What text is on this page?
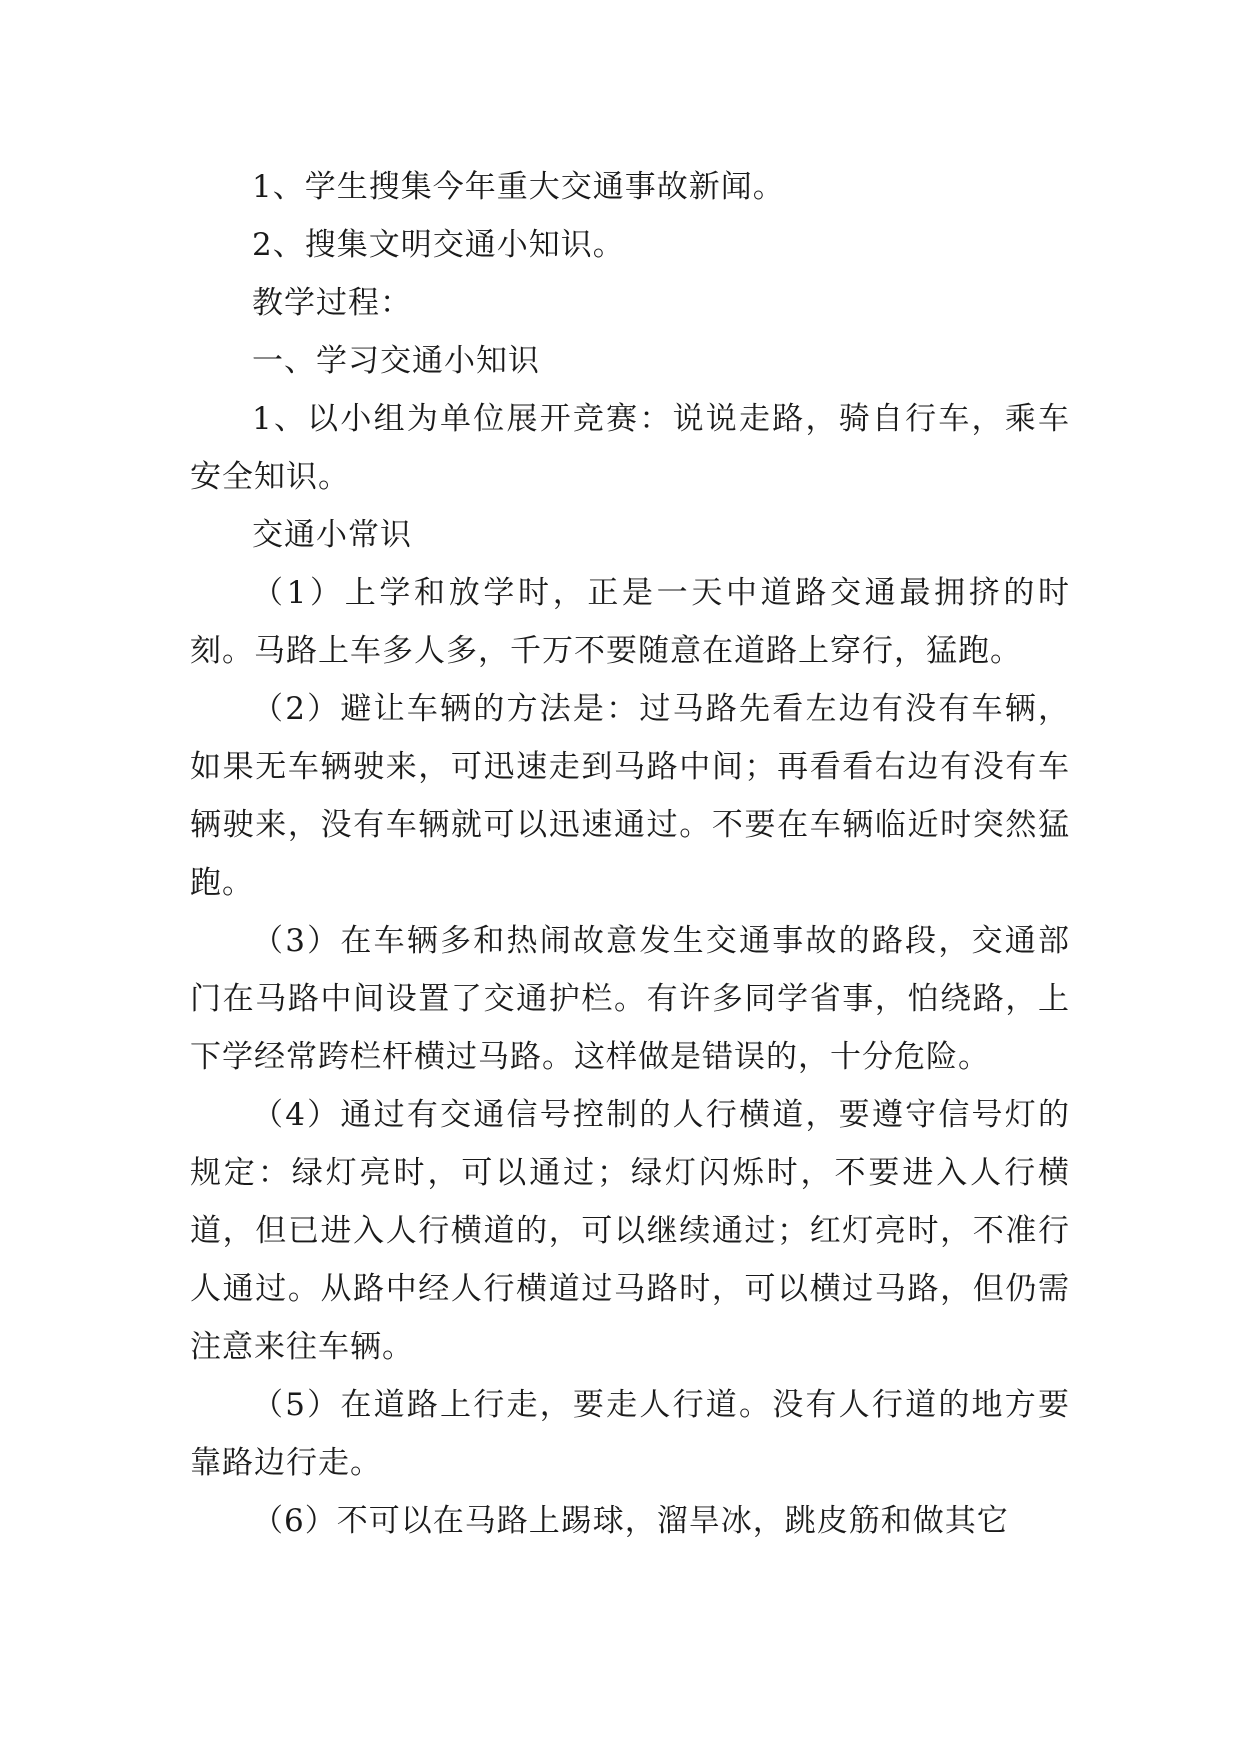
1、学生搜集今年重大交通事故新闻。

2、搜集文明交通小知识。

教学过程：

一、学习交通小知识

1、以小组为单位展开竞赛：说说走路，骑自行车，乘车安全知识。

交通小常识

（1）上学和放学时，正是一天中道路交通最拥挤的时刻。马路上车多人多，千万不要随意在道路上穿行，猛跑。

（2）避让车辆的方法是：过马路先看左边有没有车辆，如果无车辆驶来，可迅速走到马路中间；再看看右边有没有车辆驶来，没有车辆就可以迅速通过。不要在车辆临近时突然猛跑。

（3）在车辆多和热闹故意发生交通事故的路段，交通部门在马路中间设置了交通护栏。有许多同学省事，怕绕路，上下学经常跨栏杆横过马路。这样做是错误的，十分危险。

（4）通过有交通信号控制的人行横道，要遵守信号灯的规定：绿灯亮时，可以通过；绿灯闪烁时，不要进入人行横道，但已进入人行横道的，可以继续通过；红灯亮时，不准行人通过。从路中经人行横道过马路时，可以横过马路，但仍需注意来往车辆。

（5）在道路上行走，要走人行道。没有人行道的地方要靠路边行走。

（6）不可以在马路上踢球，溜旱冰，跳皮筋和做其它
